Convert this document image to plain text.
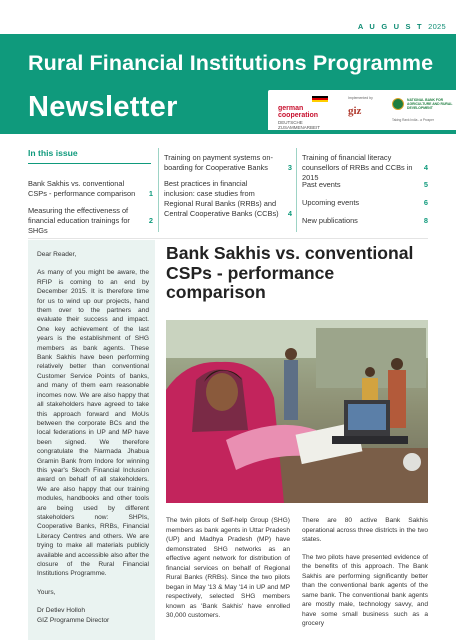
A U G U S T 2025
Rural Financial Institutions Programme
Newsletter	german
cooperation
DEUTSCHE ZUSAMMENARBEIT
Implemented by
giz
NATIONAL BANK FOR AGRICULTURE AND RURAL DEVELOPMENT
Taking Rank India - a Prosper
In this issue
Bank Sakhis vs. conventional CSPs - performance comparison	1
Measuring the effectiveness of financial education trainings for SHGs
2
Training on payment systems on-boarding for Cooperative Banks	3
Best practices in financial inclusion: case studies from Regional Rural Banks (RRBs) and Central Cooperative Banks (CCBs)	4
Training of financial literacy counsellors of RRBs and CCBs in 2015
4
Past events	5
Upcoming events	6
New publications	8

Dear Reader,

As many of you might be aware, the RFIP is coming to an end by December 2015. It is therefore time for us to wind up our projects, hand them over to the partners and evaluate their success and impact. One key achievement of the last years is the establishment of SHG members as bank agents. These Bank Sakhis have been performing relatively better than conventional Customer Service Points of banks, and many of them earn reasonable incomes now. We are also happy that all stakeholders have agreed to take this approach forward and MoUs between the corporate BCs and the local federations in UP and MP have been signed. We therefore congratulate the Narmada Jhabua Gramin Bank from Indore for winning this year's Skoch Financial Inclusion award on behalf of all stakeholders. We are also happy that our training modules, handbooks and other tools are being used by different stakeholders now: SHPIs, Cooperative Banks, RRBs, Financial Literacy Centres and others. We are trying to make all materials publicly available and accessible also after the closure of the Rural Financial Institutions Programme.

Yours,

Dr Detlev Holloh

GIZ Programme Director

Bank Sakhis vs. conventional CSPs - performance comparison

The twin pilots of Self-help Group (SHG) members as bank agents in Uttar Pradesh (UP) and Madhya Pradesh (MP) have demonstrated SHG networks as an effective agent network for distribution of financial services on behalf of Regional Rural Banks (RRBs). Since the two pilots began in May '13 & May '14 in UP and MP respectively, selected SHG members known as 'Bank Sakhis' have enrolled 30,000 customers.

There are 80 active Bank Sakhis operational across three districts in the two states.

The two pilots have presented evidence of the benefits of this approach. The Bank Sakhis are performing significantly better than the conventional bank agents of the same bank. The conventional bank agents are mostly male, technology savvy, and have some small business such as a grocery
